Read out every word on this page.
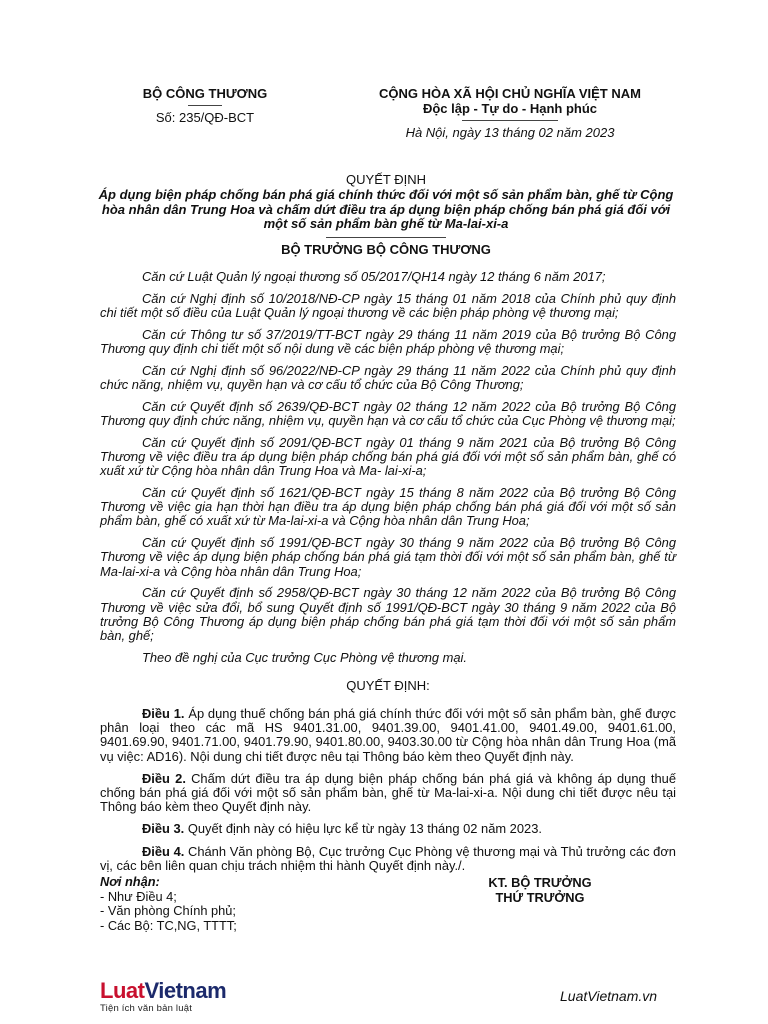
BỘ CÔNG THƯƠNG
Số: 235/QĐ-BCT
CỘNG HÒA XÃ HỘI CHỦ NGHĨA VIỆT NAM
Độc lập - Tự do - Hạnh phúc
Hà Nội, ngày 13 tháng 02 năm 2023
QUYẾT ĐỊNH
Áp dụng biện pháp chống bán phá giá chính thức đối với một số sản phẩm bàn, ghế từ Cộng hòa nhân dân Trung Hoa và chấm dứt điều tra áp dụng biện pháp chống bán phá giá đối với một số sản phẩm bàn ghế từ Ma-lai-xi-a
BỘ TRƯỞNG BỘ CÔNG THƯƠNG

Căn cứ Luật Quản lý ngoại thương số 05/2017/QH14 ngày 12 tháng 6 năm 2017;

Căn cứ Nghị định số 10/2018/NĐ-CP ngày 15 tháng 01 năm 2018 của Chính phủ quy định chi tiết một số điều của Luật Quản lý ngoại thương về các biện pháp phòng vệ thương mại;

Căn cứ Thông tư số 37/2019/TT-BCT ngày 29 tháng 11 năm 2019 của Bộ trưởng Bộ Công Thương quy định chi tiết một số nội dung về các biện pháp phòng vệ thương mại;

Căn cứ Nghị định số 96/2022/NĐ-CP ngày 29 tháng 11 năm 2022 của Chính phủ quy định chức năng, nhiệm vụ, quyền hạn và cơ cấu tổ chức của Bộ Công Thương;

Căn cứ Quyết định số 2639/QĐ-BCT ngày 02 tháng 12 năm 2022 của Bộ trưởng Bộ Công Thương quy định chức năng, nhiệm vụ, quyền hạn và cơ cấu tổ chức của Cục Phòng vệ thương mại;

Căn cứ Quyết định số 2091/QĐ-BCT ngày 01 tháng 9 năm 2021 của Bộ trưởng Bộ Công Thương về việc điều tra áp dụng biện pháp chống bán phá giá đối với một số sản phẩm bàn, ghế có xuất xứ từ Cộng hòa nhân dân Trung Hoa và Ma- lai-xi-a;

Căn cứ Quyết định số 1621/QĐ-BCT ngày 15 tháng 8 năm 2022 của Bộ trưởng Bộ Công Thương về việc gia hạn thời hạn điều tra áp dụng biện pháp chống bán phá giá đối với một số sản phẩm bàn, ghế có xuất xứ từ Ma-lai-xi-a và Cộng hòa nhân dân Trung Hoa;

Căn cứ Quyết định số 1991/QĐ-BCT ngày 30 tháng 9 năm 2022 của Bộ trưởng Bộ Công Thương về việc áp dụng biện pháp chống bán phá giá tạm thời đối với một số sản phẩm bàn, ghế từ Ma-lai-xi-a và Cộng hòa nhân dân Trung Hoa;

Căn cứ Quyết định số 2958/QĐ-BCT ngày 30 tháng 12 năm 2022 của Bộ trưởng Bộ Công Thương về việc sửa đổi, bổ sung Quyết định số 1991/QĐ-BCT ngày 30 tháng 9 năm 2022 của Bộ trưởng Bộ Công Thương áp dụng biện pháp chống bán phá giá tạm thời đối với một số sản phẩm bàn, ghế;

Theo đề nghị của Cục trưởng Cục Phòng vệ thương mại.

QUYẾT ĐỊNH:

Điều 1. Áp dụng thuế chống bán phá giá chính thức đối với một số sản phẩm bàn, ghế được phân loại theo các mã HS 9401.31.00, 9401.39.00, 9401.41.00, 9401.49.00, 9401.61.00, 9401.69.90, 9401.71.00, 9401.79.90, 9401.80.00, 9403.30.00 từ Cộng hòa nhân dân Trung Hoa (mã vụ việc: AD16). Nội dung chi tiết được nêu tại Thông báo kèm theo Quyết định này.

Điều 2. Chấm dứt điều tra áp dụng biện pháp chống bán phá giá và không áp dụng thuế chống bán phá giá đối với một số sản phẩm bàn, ghế từ Ma-lai-xi-a. Nội dung chi tiết được nêu tại Thông báo kèm theo Quyết định này.

Điều 3. Quyết định này có hiệu lực kể từ ngày 13 tháng 02 năm 2023.

Điều 4. Chánh Văn phòng Bộ, Cục trưởng Cục Phòng vệ thương mại và Thủ trưởng các đơn vị, các bên liên quan chịu trách nhiệm thi hành Quyết định này./.

Nơi nhận:
- Như Điều 4;
- Văn phòng Chính phủ;
- Các Bộ: TC,NG, TTTT;
KT. BỘ TRƯỞNG
THỨ TRƯỞNG
LuatVietnam
Tiện ích văn bản luật
LuatVietnam.vn
